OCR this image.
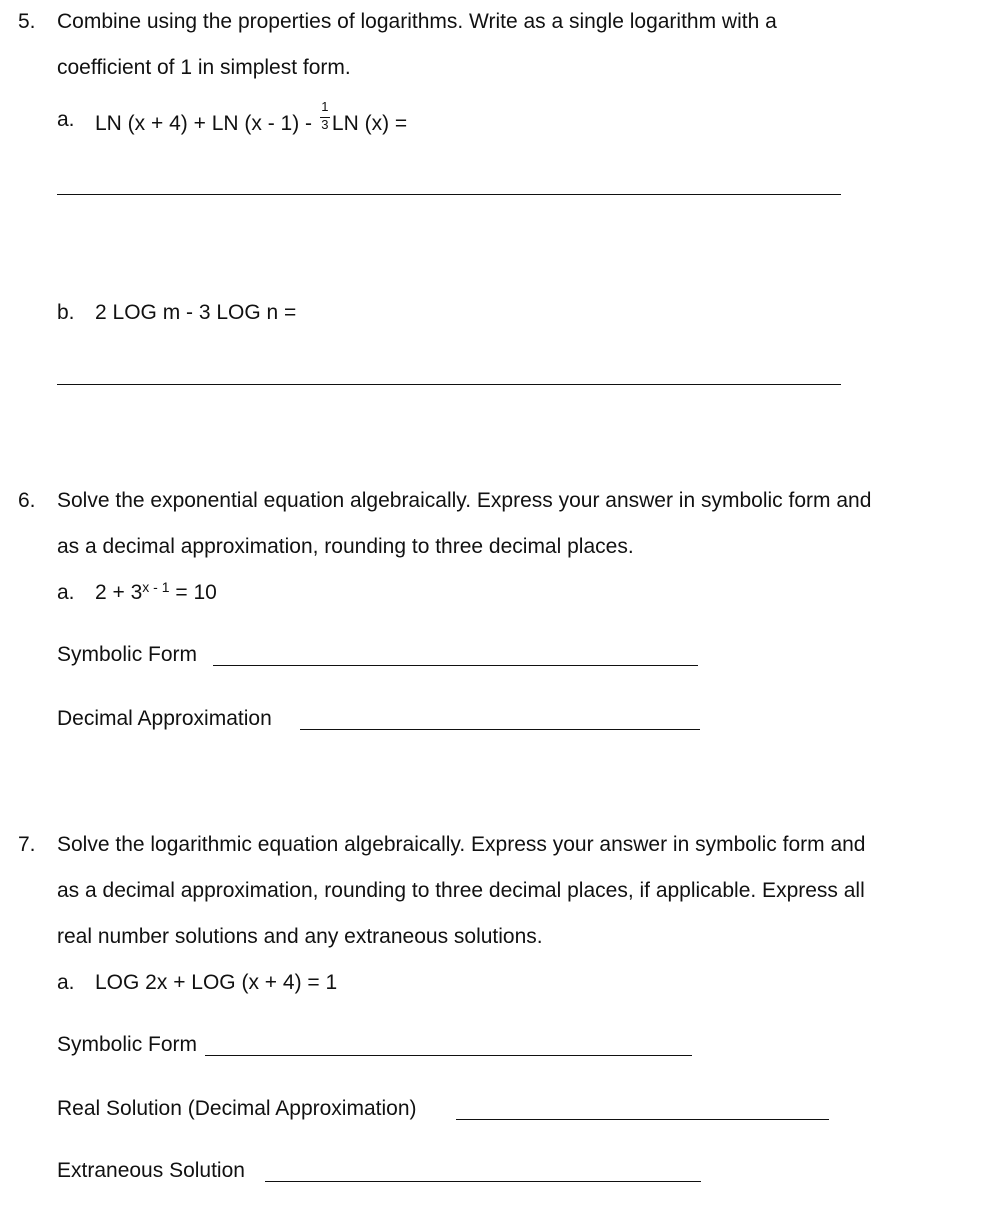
5. Combine using the properties of logarithms. Write as a single logarithm with a
coefficient of 1 in simplest form.
a. LN (x + 4) + LN $(x - 1) - \frac{1}{3}$ LN (x) =
b. 2 LOG m - 3 LOG n =
6. Solve the exponential equation algebraically. Express your answer in symbolic form and
as a decimal approximation, rounding to three decimal places.
a. $2 + 3^{x - 1} = 10$
Symbolic Form
Decimal Approximation
7. Solve the logarithmic equation algebraically. Express your answer in symbolic form and
as a decimal approximation, rounding to three decimal places, if applicable. Express all
real number solutions and any extraneous solutions.
a. LOG 2x + LOG (x + 4) = 1
Symbolic Form
Real Solution (Decimal Approximation)
Extraneous Solution
